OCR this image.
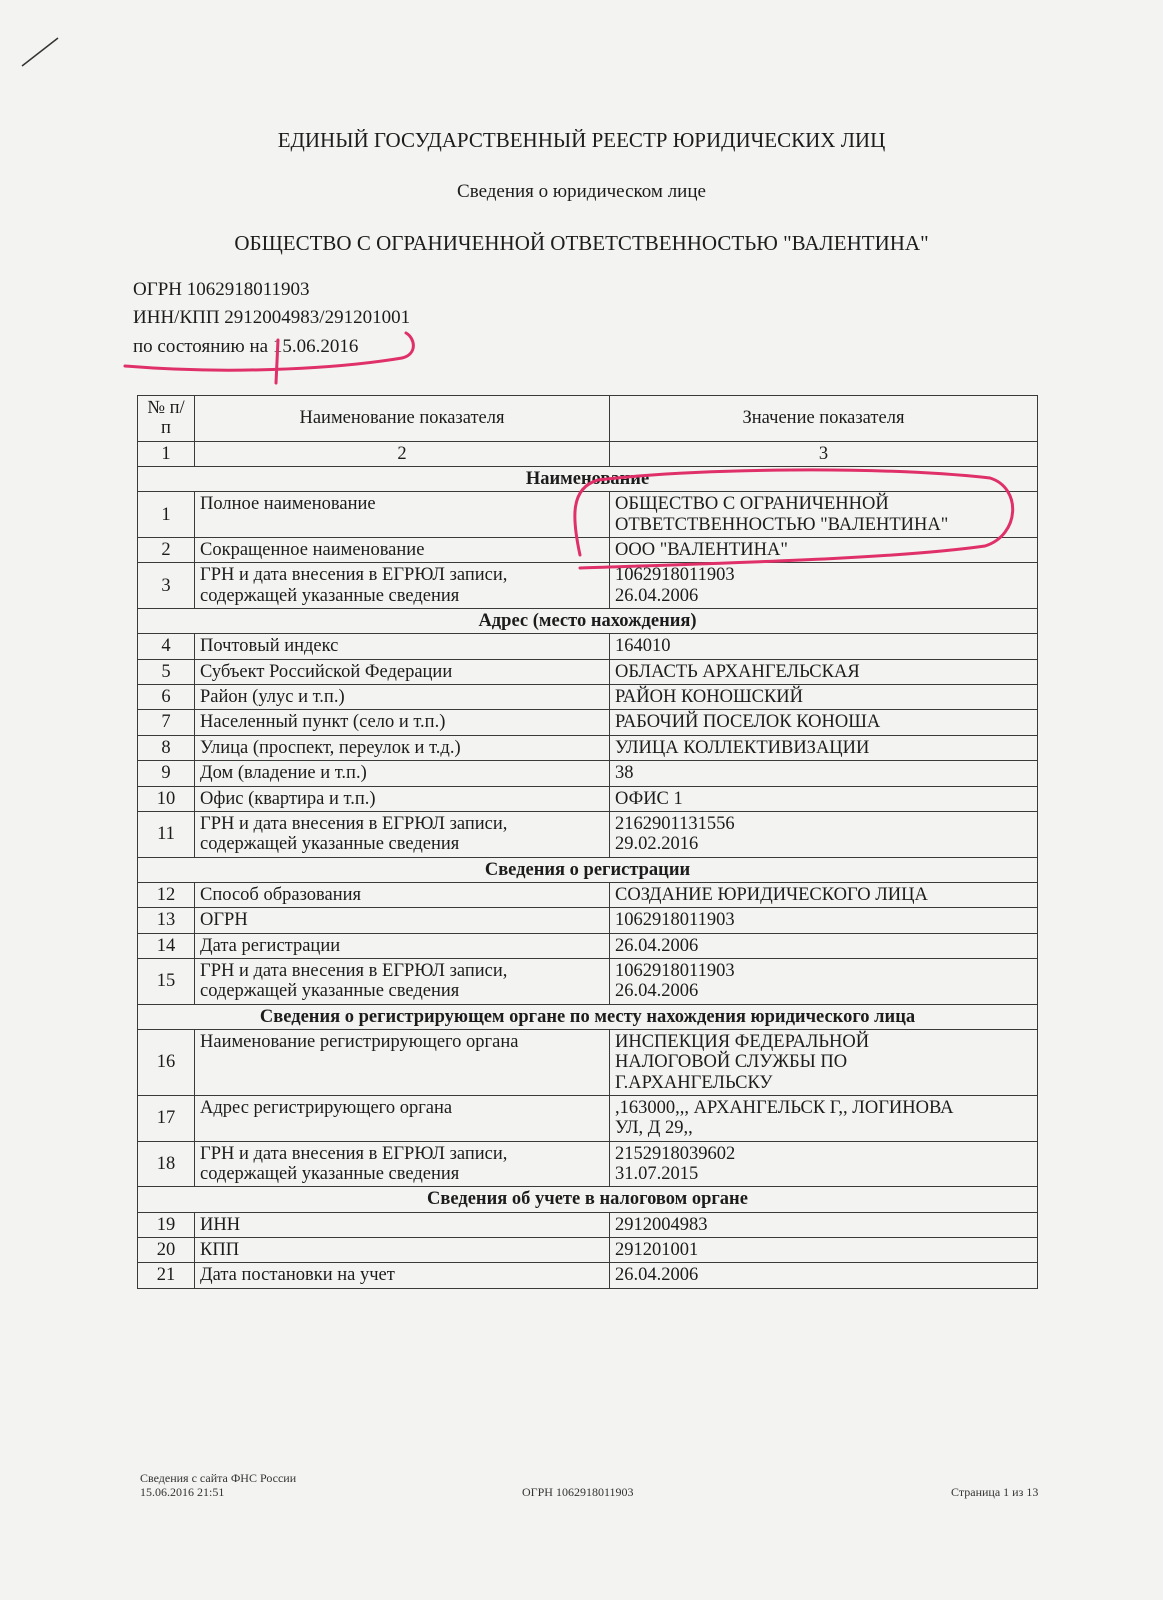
ЕДИНЫЙ ГОСУДАРСТВЕННЫЙ РЕЕСТР ЮРИДИЧЕСКИХ ЛИЦ
Сведения о юридическом лице
ОБЩЕСТВО С ОГРАНИЧЕННОЙ ОТВЕТСТВЕННОСТЬЮ "ВАЛЕНТИНА"
ОГРН 1062918011903
ИНН/КПП 2912004983/291201001
по состоянию на 15.06.2016
№ п/п	Наименование показателя	Значение показателя
1	2	3
Наименование		
1	Полное наименование	ОБЩЕСТВО С ОГРАНИЧЕННОЙ
ОТВЕТСТВЕННОСТЬЮ "ВАЛЕНТИНА"

2	Сокращенное наименование	ООО "ВАЛЕНТИНА"

3	ГРН и дата внесения в ЕГРЮЛ записи, содержащей указанные сведения	1062918011903
26.04.2006

Адрес (место нахождения)		
4	Почтовый индекс	164010

5	Субъект Российской Федерации	ОБЛАСТЬ АРХАНГЕЛЬСКАЯ

6	Район (улус и т.п.)	РАЙОН КОНОШСКИЙ

7	Населенный пункт (село и т.п.)	РАБОЧИЙ ПОСЕЛОК КОНОША

8	Улица (проспект, переулок и т.д.)	УЛИЦА КОЛЛЕКТИВИЗАЦИИ

9	Дом (владение и т.п.)	38

10	Офис (квартира и т.п.)	ОФИС 1

11	ГРН и дата внесения в ЕГРЮЛ записи, содержащей указанные сведения	2162901131556
29.02.2016

Сведения о регистрации		
12	Способ образования	СОЗДАНИЕ ЮРИДИЧЕСКОГО ЛИЦА

13	ОГРН	1062918011903

14	Дата регистрации	26.04.2006

15	ГРН и дата внесения в ЕГРЮЛ записи, содержащей указанные сведения	1062918011903
26.04.2006

Сведения о регистрирующем органе по месту нахождения юридического лица		
16	Наименование регистрирующего органа	ИНСПЕКЦИЯ ФЕДЕРАЛЬНОЙ
НАЛОГОВОЙ СЛУЖБЫ ПО
Г.АРХАНГЕЛЬСКУ

17	Адрес регистрирующего органа	,163000,,, АРХАНГЕЛЬСК Г,, ЛОГИНОВА
УЛ, Д 29,,

18	ГРН и дата внесения в ЕГРЮЛ записи, содержащей указанные сведения	2152918039602
31.07.2015

Сведения об учете в налоговом органе		
19	ИНН	2912004983

20	КПП	291201001

21	Дата постановки на учет	26.04.2006
Сведения с сайта ФНС России
15.06.2016 21:51	ОГРН 1062918011903	Страница 1 из 13
